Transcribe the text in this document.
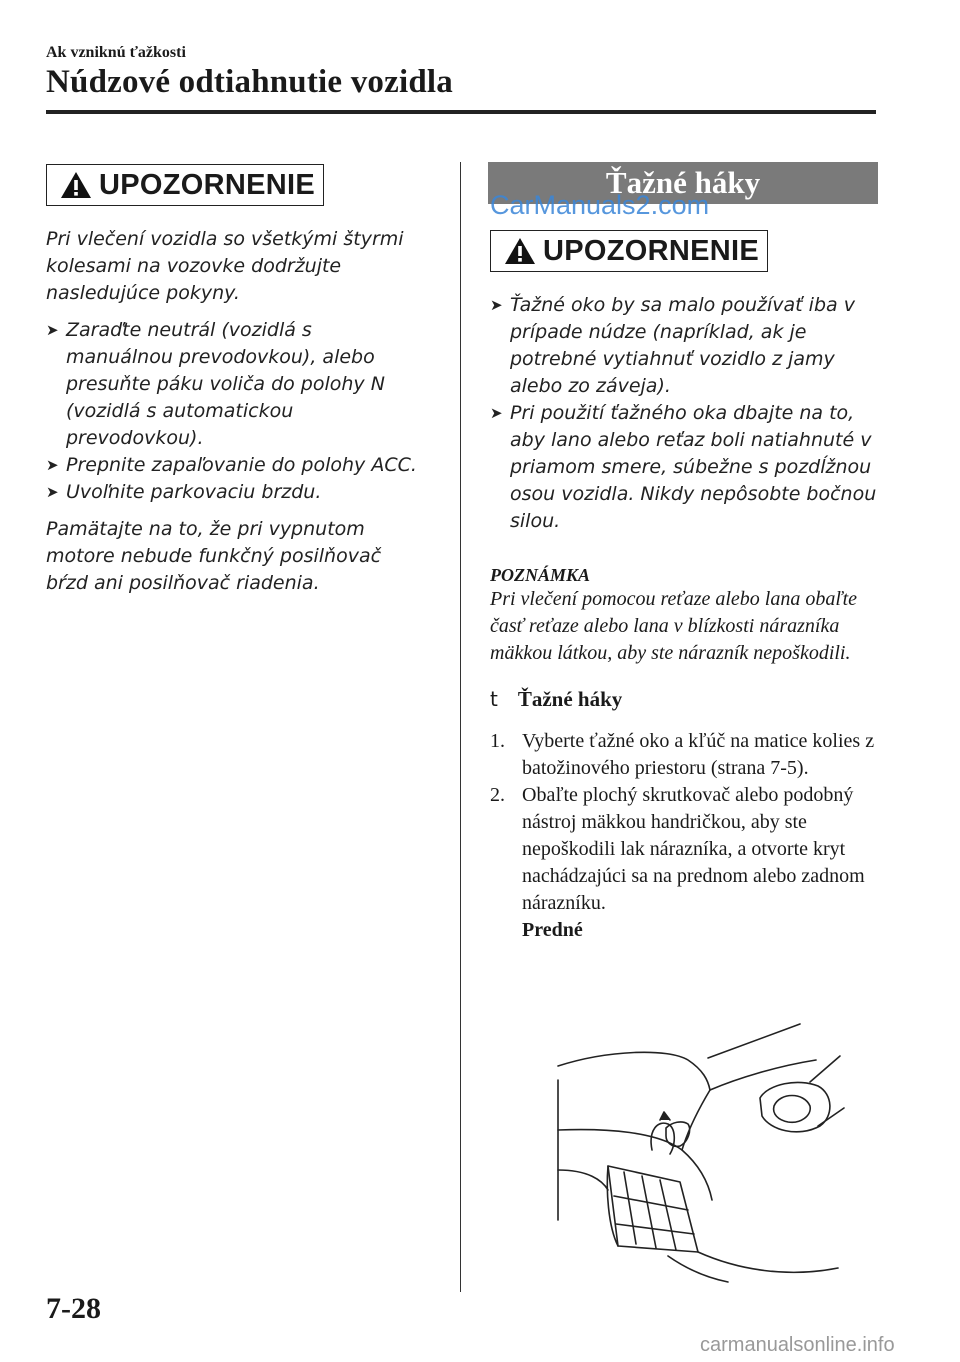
Ak vzniknú ťažkosti
Núdzové odtiahnutie vozidla
UPOZORNENIE

Pri vlečení vozidla so všetkými štyrmi kolesami na vozovke dodržujte nasledujúce pokyny.

➤ Zaraďte neutrál (vozidlá s manuálnou prevodovkou), alebo presuňte páku voliča do polohy N (vozidlá s automatickou prevodovkou).
➤ Prepnite zapaľovanie do polohy ACC.
➤ Uvoľnite parkovaciu brzdu.

Pamätajte na to, že pri vypnutom motore nebude funkčný posilňovač bŕzd ani posilňovač riadenia.

Ťažné háky
CarManuals2.com
UPOZORNENIE
➤ Ťažné oko by sa malo používať iba v prípade núdze (napríklad, ak je potrebné vytiahnuť vozidlo z jamy alebo zo záveja).
➤ Pri použití ťažného oka dbajte na to, aby lano alebo reťaz boli natiahnuté v priamom smere, súbežne s pozdĺžnou osou vozidla. Nikdy nepôsobte bočnou silou.
POZNÁMKA
Pri vlečení pomocou reťaze alebo lana obaľte časť reťaze alebo lana v blízkosti nárazníka mäkkou látkou, aby ste nárazník nepoškodili.
t Ťažné háky
1. Vyberte ťažné oko a kľúč na matice kolies z batožinového priestoru (strana 7-5).
2. Obaľte plochý skrutkovač alebo podobný nástroj mäkkou handričkou, aby ste nepoškodili lak nárazníka, a otvorte kryt nachádzajúci sa na prednom alebo zadnom nárazníku.
Predné
7-28
carmanualsonline.info
